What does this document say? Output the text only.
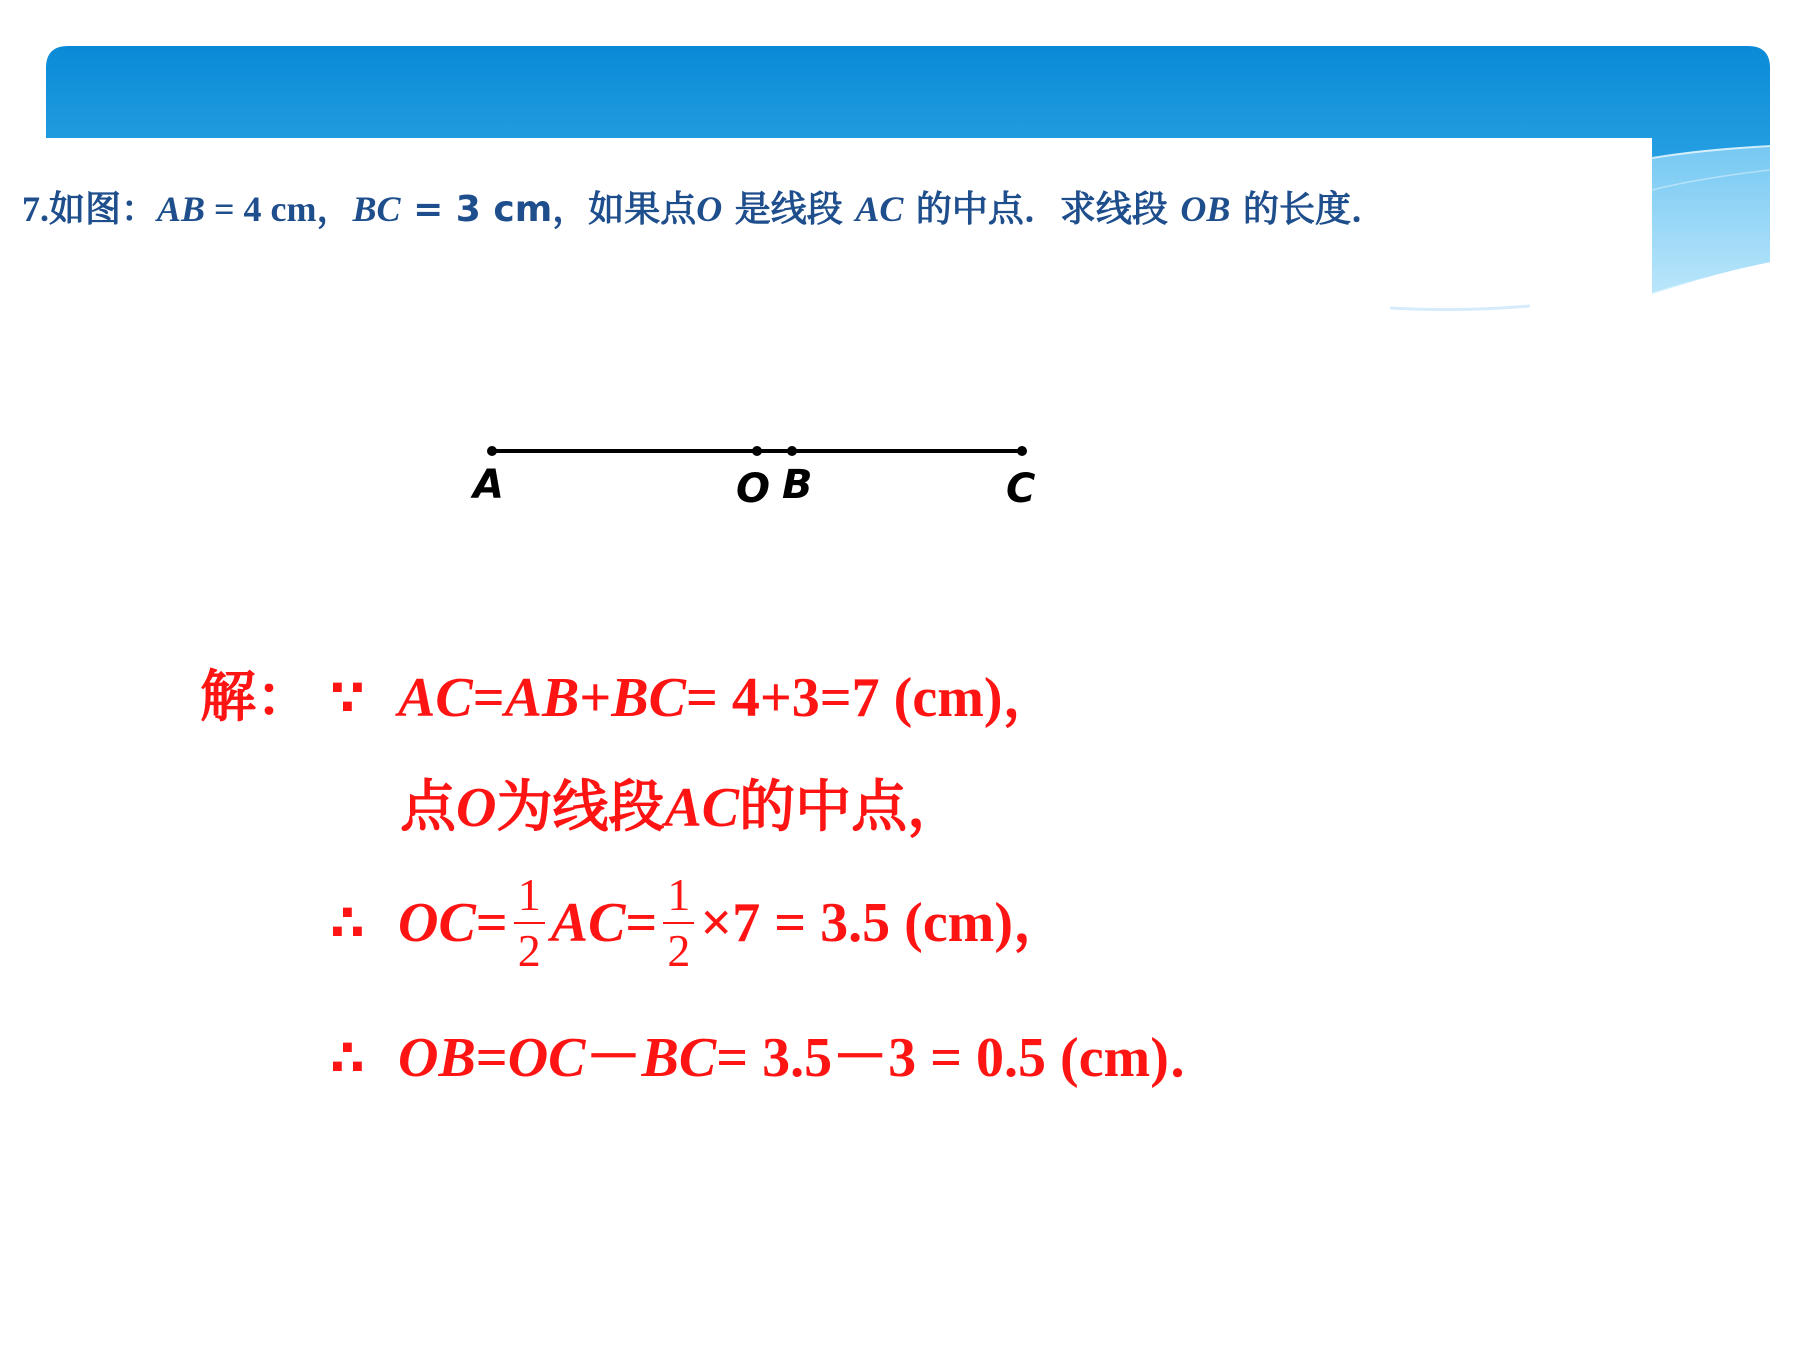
7.如图：AB = 4 cm，BC = 3 cm，如果点O 是线段 AC 的中点．求线段 OB 的长度．
A	O B	C
解： ∵ AC = AB + BC = 4+3=7 (cm)，
点 O 为线段 AC 的中点，
∴ OC = $\frac{1}{2}$ AC = $\frac{1}{2} \times 7 = 3.5$ (cm)，
∴ OB = OC － BC = 3.5－3 = 0.5 (cm)．
